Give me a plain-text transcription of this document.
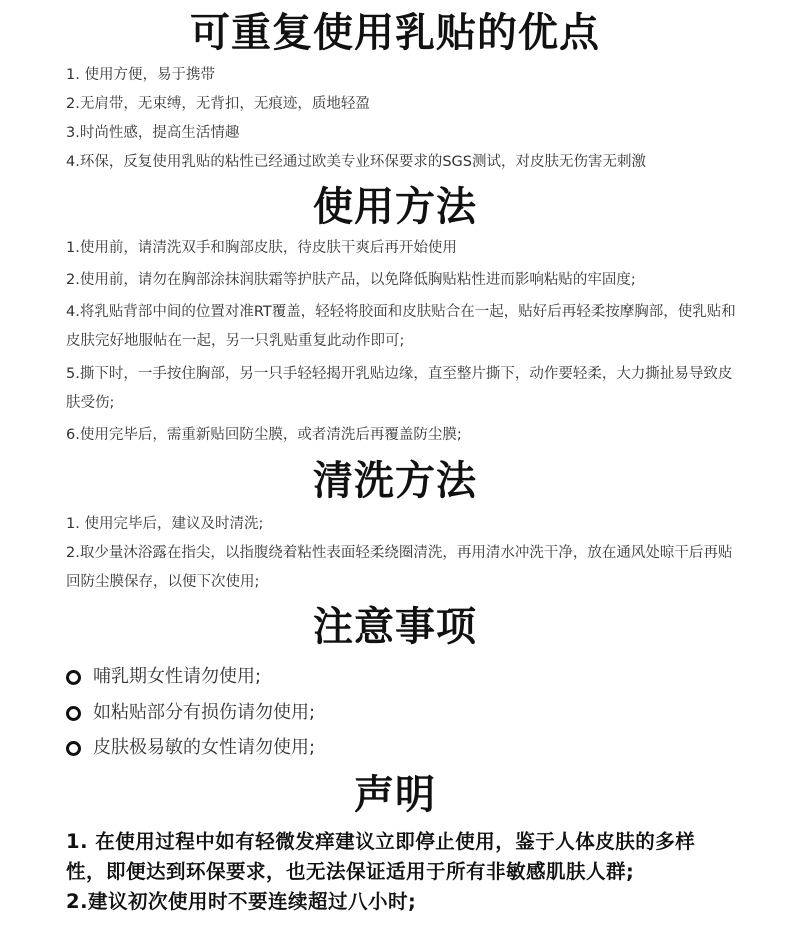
可重复使用乳贴的优点
1. 使用方便，易于携带
2.无肩带，无束缚，无背扣，无痕迹，质地轻盈
3.时尚性感，提高生活情趣
4.环保，反复使用乳贴的粘性已经通过欧美专业环保要求的SGS测试，对皮肤无伤害无刺激
使用方法
1.使用前，请清洗双手和胸部皮肤，待皮肤干爽后再开始使用
2.使用前，请勿在胸部涂抹润肤霜等护肤产品，以免降低胸贴粘性进而影响粘贴的牢固度;
4.将乳贴背部中间的位置对准RT覆盖，轻轻将胶面和皮肤贴合在一起，贴好后再轻柔按摩胸部，使乳贴和皮肤完好地服帖在一起，另一只乳贴重复此动作即可;
5.撕下时，一手按住胸部，另一只手轻轻揭开乳贴边缘，直至整片撕下，动作要轻柔，大力撕扯易导致皮肤受伤;
6.使用完毕后，需重新贴回防尘膜，或者清洗后再覆盖防尘膜;
清洗方法
1. 使用完毕后，建议及时清洗;
2.取少量沐浴露在指尖，以指腹绕着粘性表面轻柔绕圈清洗，再用清水冲洗干净，放在通风处晾干后再贴回防尘膜保存，以便下次使用;
注意事项
哺乳期女性请勿使用;
如粘贴部分有损伤请勿使用;
皮肤极易敏的女性请勿使用;
声明
1. 在使用过程中如有轻微发痒建议立即停止使用，鉴于人体皮肤的多样性，即便达到环保要求，也无法保证适用于所有非敏感肌肤人群;
2.建议初次使用时不要连续超过八小时;
